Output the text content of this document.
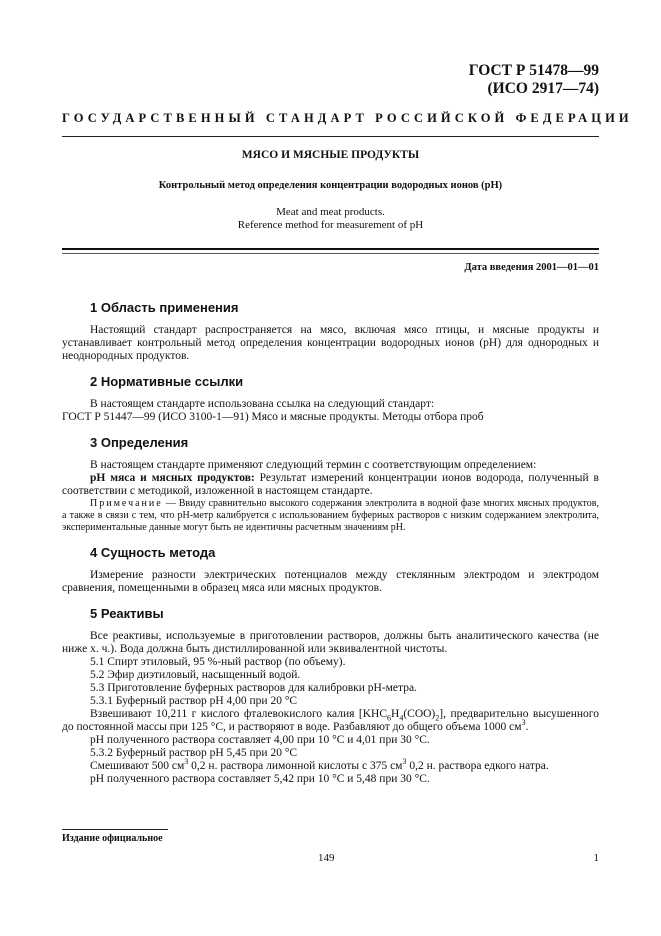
ГОСТ Р 51478—99
(ИСО 2917—74)
ГОСУДАРСТВЕННЫЙ СТАНДАРТ РОССИЙСКОЙ ФЕДЕРАЦИИ
МЯСО И МЯСНЫЕ ПРОДУКТЫ
Контрольный метод определения концентрации водородных ионов (рН)
Meat and meat products.
Reference method for measurement of pH
Дата введения 2001—01—01
1 Область применения

Настоящий стандарт распространяется на мясо, включая мясо птицы, и мясные продукты и устанавливает контрольный метод определения концентрации водородных ионов (рН) для однородных и неоднородных продуктов.

2 Нормативные ссылки

В настоящем стандарте использована ссылка на следующий стандарт:

ГОСТ Р 51447—99 (ИСО 3100-1—91) Мясо и мясные продукты. Методы отбора проб

3 Определения

В настоящем стандарте применяют следующий термин с соответствующим определением:

рН мяса и мясных продуктов: Результат измерений концентрации ионов водорода, полученный в соответствии с методикой, изложенной в настоящем стандарте.

Примечание — Ввиду сравнительно высокого содержания электролита в водной фазе многих мясных продуктов, а также в связи с тем, что рН-метр калибруется с использованием буферных растворов с низким содержанием электролита, экспериментальные данные могут быть не идентичны расчетным значениям рН.

4 Сущность метода

Измерение разности электрических потенциалов между стеклянным электродом и электродом сравнения, помещенными в образец мяса или мясных продуктов.

5 Реактивы

Все реактивы, используемые в приготовлении растворов, должны быть аналитического качества (не ниже х. ч.). Вода должна быть дистиллированной или эквивалентной чистоты.

5.1 Спирт этиловый, 95 %-ный раствор (по объему).

5.2 Эфир диэтиловый, насыщенный водой.

5.3 Приготовление буферных растворов для калибровки рН-метра.

5.3.1 Буферный раствор рН 4,00 при 20 °С

Взвешивают 10,211 г кислого фталевокислого калия $[KHC_6H_4(COO)_2]$, предварительно высушенного до постоянной массы при 125 °С, и растворяют в воде. Разбавляют до общего объема 1000 $см^3$.

рН полученного раствора составляет 4,00 при 10 °С и 4,01 при 30 °С.

5.3.2 Буферный раствор рН 5,45 при 20 °С

Смешивают 500 $см^3$ 0,2 н. раствора лимонной кислоты с 375 $см^3$ 0,2 н. раствора едкого натра.

рН полученного раствора составляет 5,42 при 10 °С и 5,48 при 30 °С.

Издание официальное
149	1
